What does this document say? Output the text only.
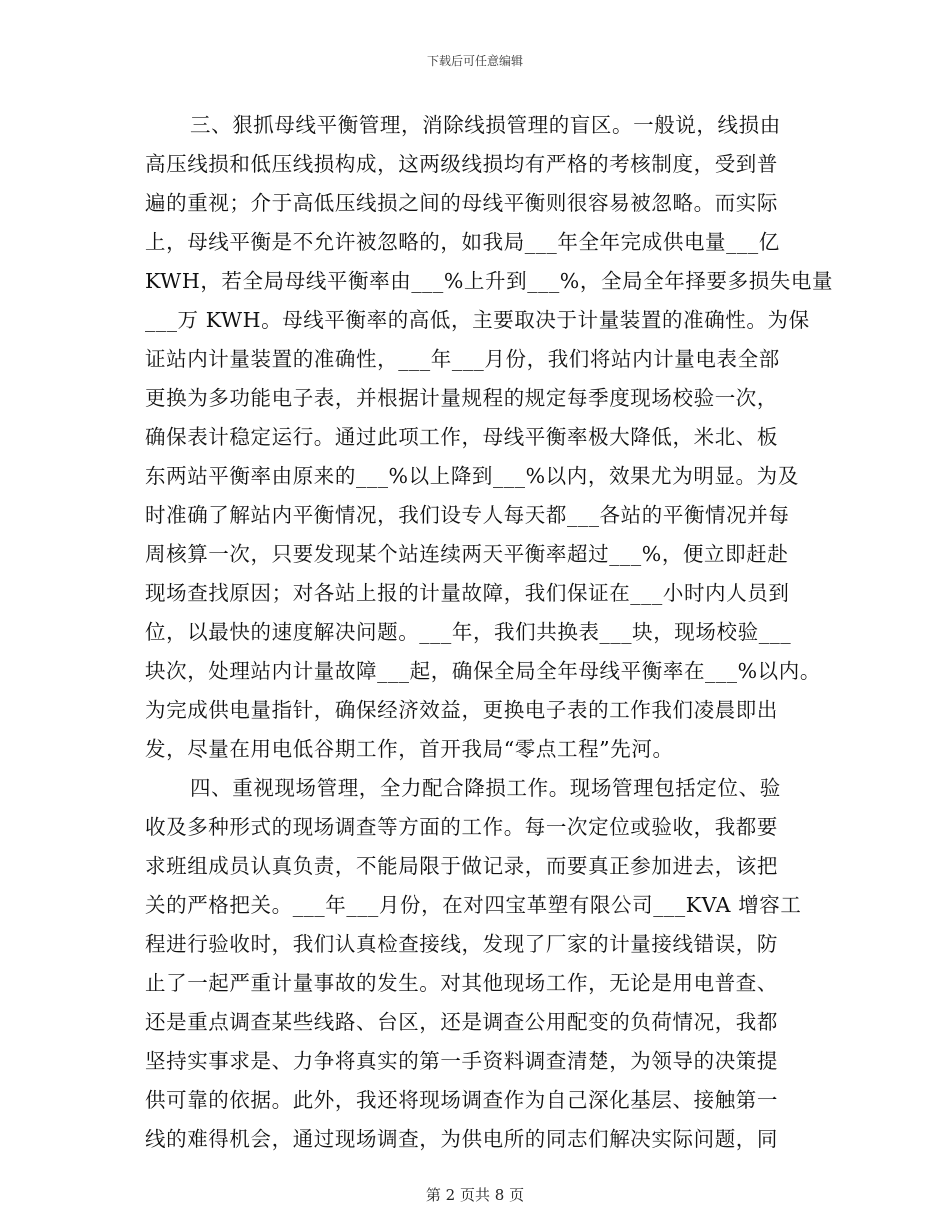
下载后可任意编辑
三、狠抓母线平衡管理，消除线损管理的盲区。一般说，线损由
高压线损和低压线损构成，这两级线损均有严格的考核制度，受到普
遍的重视；介于高低压线损之间的母线平衡则很容易被忽略。而实际
上，母线平衡是不允许被忽略的，如我局___年全年完成供电量___亿
KWH，若全局母线平衡率由___%上升到___%，全局全年择要多损失电量
___万 KWH。母线平衡率的高低，主要取决于计量装置的准确性。为保
证站内计量装置的准确性，___年___月份，我们将站内计量电表全部
更换为多功能电子表，并根据计量规程的规定每季度现场校验一次，
确保表计稳定运行。通过此项工作，母线平衡率极大降低，米北、板
东两站平衡率由原来的___%以上降到___%以内，效果尤为明显。为及
时准确了解站内平衡情况，我们设专人每天都___各站的平衡情况并每
周核算一次，只要发现某个站连续两天平衡率超过___%，便立即赶赴
现场查找原因；对各站上报的计量故障，我们保证在___小时内人员到
位，以最快的速度解决问题。___年，我们共换表___块，现场校验___
块次，处理站内计量故障___起，确保全局全年母线平衡率在___%以内。
为完成供电量指针，确保经济效益，更换电子表的工作我们凌晨即出
发，尽量在用电低谷期工作，首开我局“零点工程”先河。
四、重视现场管理，全力配合降损工作。现场管理包括定位、验
收及多种形式的现场调查等方面的工作。每一次定位或验收，我都要
求班组成员认真负责，不能局限于做记录，而要真正参加进去，该把
关的严格把关。___年___月份，在对四宝革塑有限公司___KVA 增容工
程进行验收时，我们认真检查接线，发现了厂家的计量接线错误，防
止了一起严重计量事故的发生。对其他现场工作，无论是用电普查、
还是重点调查某些线路、台区，还是调查公用配变的负荷情况，我都
坚持实事求是、力争将真实的第一手资料调查清楚，为领导的决策提
供可靠的依据。此外，我还将现场调查作为自己深化基层、接触第一
线的难得机会，通过现场调查，为供电所的同志们解决实际问题，同
第 2 页共 8 页
